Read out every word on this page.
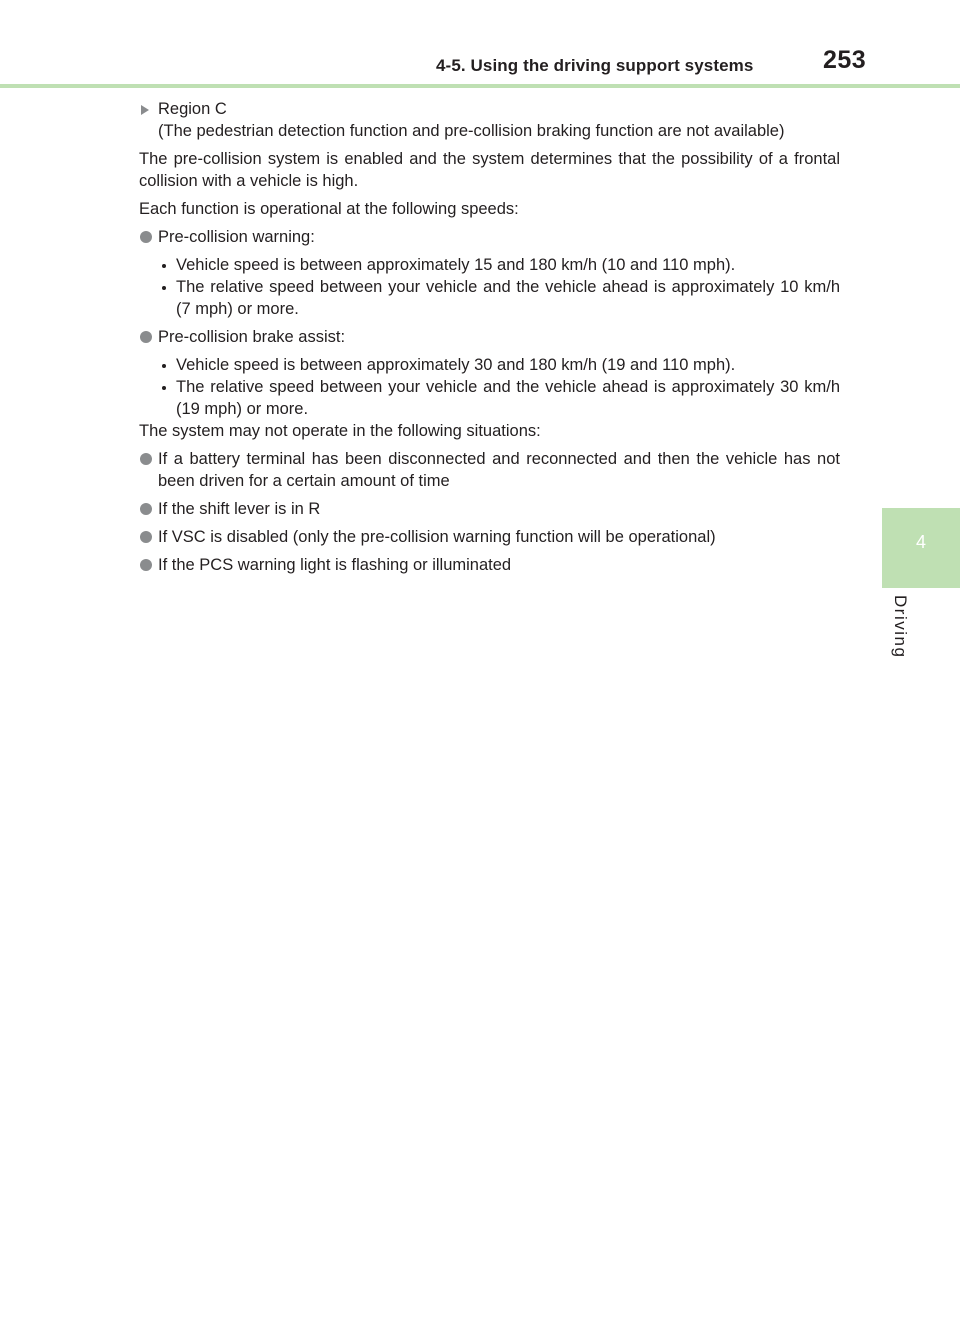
4-5. Using the driving support systems	253
4
Driving

Region C

(The pedestrian detection function and pre-collision braking function are not available)

The pre-collision system is enabled and the system determines that the possibility of a frontal collision with a vehicle is high.

Each function is operational at the following speeds:

Pre-collision warning:

Vehicle speed is between approximately 15 and 180 km/h (10 and 110 mph).

The relative speed between your vehicle and the vehicle ahead is approximately 10 km/h (7 mph) or more.

Pre-collision brake assist:

Vehicle speed is between approximately 30 and 180 km/h (19 and 110 mph).

The relative speed between your vehicle and the vehicle ahead is approximately 30 km/h (19 mph) or more.

The system may not operate in the following situations:

If a battery terminal has been disconnected and reconnected and then the vehicle has not been driven for a certain amount of time

If the shift lever is in R

If VSC is disabled (only the pre-collision warning function will be operational)

If the PCS warning light is flashing or illuminated
